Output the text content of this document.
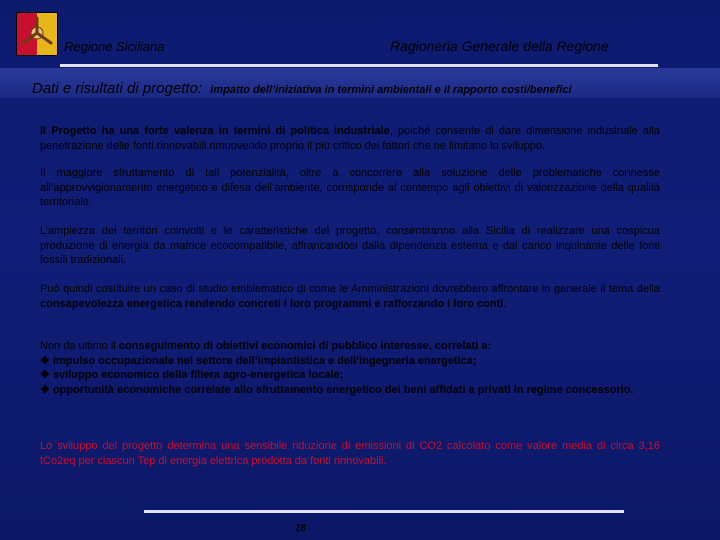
Regione Siciliana	Ragioneria Generale della Regione
Dati e risultati di progetto: impatto dell’iniziativa in termini ambientali e il rapporto costi/benefici
Il Progetto ha una forte valenza in termini di politica industriale, poiché consente di dare dimensione industriale alla penetrazione delle fonti rinnovabili rimuovendo proprio il più critico dei fattori che ne limitano lo sviluppo.
Il maggiore sfruttamento di tali potenzialità, oltre a concorrere alla soluzione delle problematiche connesse all’approvvigionamento energetico e difesa dell’ambiente, corrisponde al contempo agli obiettivi di valorizzazione della qualità territoriale.
L’ampiezza dei territori coinvolti e le caratteristiche del progetto, consentiranno alla Sicilia di realizzare una cospicua produzione di energia da matrice ecocompatibile, affrancandosi dalla dipendenza esterna e dal carico inquinante delle fonti fossili tradizionali.
Può quindi costituire un caso di studio emblematico di come le Amministrazioni dovrebbero affrontare in generale il tema della consapevolezza energetica rendendo concreti i loro programmi e rafforzando i loro conti.
Non da ultimo il conseguimento di obiettivi economici di pubblico interesse, correlati a:
❖ impulso occupazionale nel settore dell’impiantistica e dell’ingegneria energetica;
❖ sviluppo economico della filiera agro-energetica locale;
❖ opportunità economiche correlate allo sfruttamento energetico dei beni affidati a privati in regime concessorio.
Lo sviluppo del progetto determina una sensibile riduzione di emissioni di CO2 calcolato come valore media di circa 3,16 tCo2eq per ciascun Tep di energia elettrica prodotta da fonti rinnovabili.
28
